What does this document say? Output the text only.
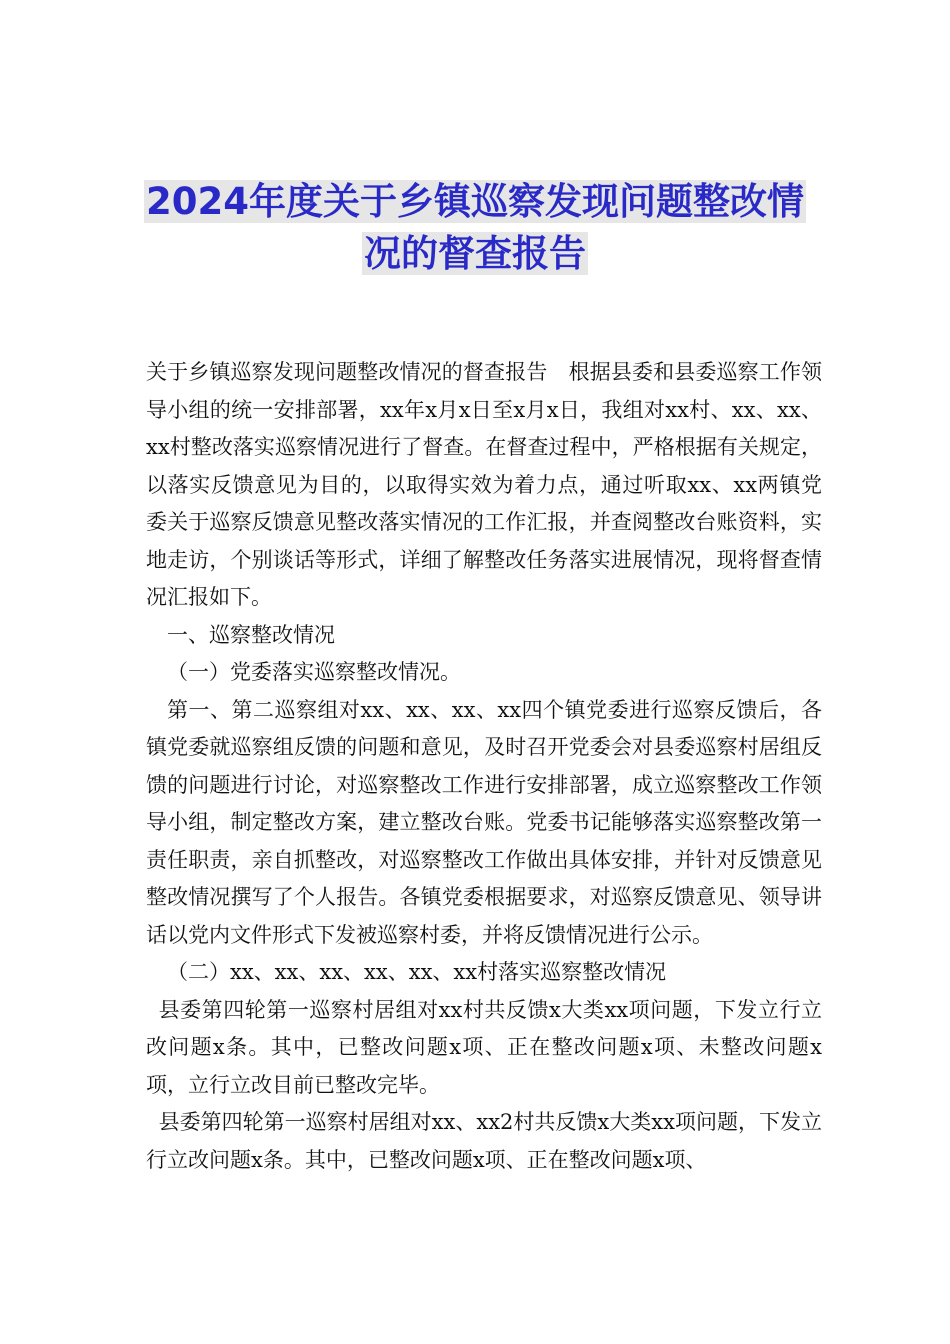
2024年度关于乡镇巡察发现问题整改情
况的督查报告

关于乡镇巡察发现问题整改情况的督查报告　根据县委和县委巡察工作领导小组的统一安排部署，xx年x月x日至x月x日，我组对xx村、xx、xx、xx村整改落实巡察情况进行了督查。在督查过程中，严格根据有关规定，以落实反馈意见为目的，以取得实效为着力点，通过听取xx、xx两镇党委关于巡察反馈意见整改落实情况的工作汇报，并查阅整改台账资料，实地走访，个别谈话等形式，详细了解整改任务落实进展情况，现将督查情况汇报如下。

一、巡察整改情况

（一）党委落实巡察整改情况。

第一、第二巡察组对xx、xx、xx、xx四个镇党委进行巡察反馈后，各镇党委就巡察组反馈的问题和意见，及时召开党委会对县委巡察村居组反馈的问题进行讨论，对巡察整改工作进行安排部署，成立巡察整改工作领导小组，制定整改方案，建立整改台账。党委书记能够落实巡察整改第一责任职责，亲自抓整改，对巡察整改工作做出具体安排，并针对反馈意见整改情况撰写了个人报告。各镇党委根据要求，对巡察反馈意见、领导讲话以党内文件形式下发被巡察村委，并将反馈情况进行公示。

（二）xx、xx、xx、xx、xx、xx村落实巡察整改情况

县委第四轮第一巡察村居组对xx村共反馈x大类xx项问题，下发立行立改问题x条。其中，已整改问题x项、正在整改问题x项、未整改问题x项，立行立改目前已整改完毕。

县委第四轮第一巡察村居组对xx、xx2村共反馈x大类xx项问题，下发立行立改问题x条。其中，已整改问题x项、正在整改问题x项、
